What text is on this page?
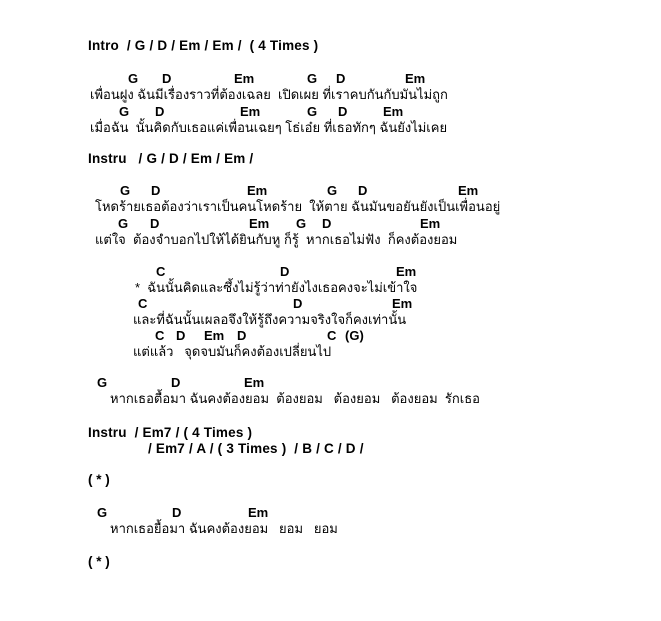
Intro  / G / D / Em / Em /  ( 4 Times )
G D	Em	G D	Em
เพื่อนฝูง ฉันมีเรื่องราวที่ต้องเฉลย  เปิดเผย ที่เราคบกันกับมันไม่ถูก
G D	Em	G D	Em
เมื่อฉัน  นั้นคิดกับเธอแค่เพื่อนเฉยๆ โธ่เอ๋ย ที่เธอทักๆ ฉันยังไม่เคย
Instru   / G / D / Em / Em /
G D	Em	G D	Em
โหดร้ายเธอต้องว่าเราเป็นคนโหดร้าย  ให้ตาย ฉันมันขอยันยังเป็นเพื่อนอยู่
G D	Em G D	Em
แต่ใจ  ต้องจำบอกไปให้ได้ยินกับหู ก็รู้  หากเธอไม่ฟัง  ก็คงต้องยอม
C	D	Em
*  ฉันนั้นคิดและซึ้งไม่รู้ว่าท่ายังไงเธอคงจะไม่เข้าใจ
C	D	Em
และที่ฉันนั้นเผลอจึงให้รู้ถึงความจริงใจก็คงเท่านั้น
C D Em D	C (G)
แต่แล้ว   จุดจบมันก็คงต้องเปลี่ยนไป
G	D	Em
หากเธอตื้อมา ฉันคงต้องยอม  ต้องยอม   ต้องยอม   ต้องยอม  รักเธอ
Instru  / Em7 / ( 4 Times )
/ Em7 / A / ( 3 Times )  / B / C / D /
( * )
G	D	Em
หากเธอยื้อมา ฉันคงต้องยอม   ยอม   ยอม
( * )
